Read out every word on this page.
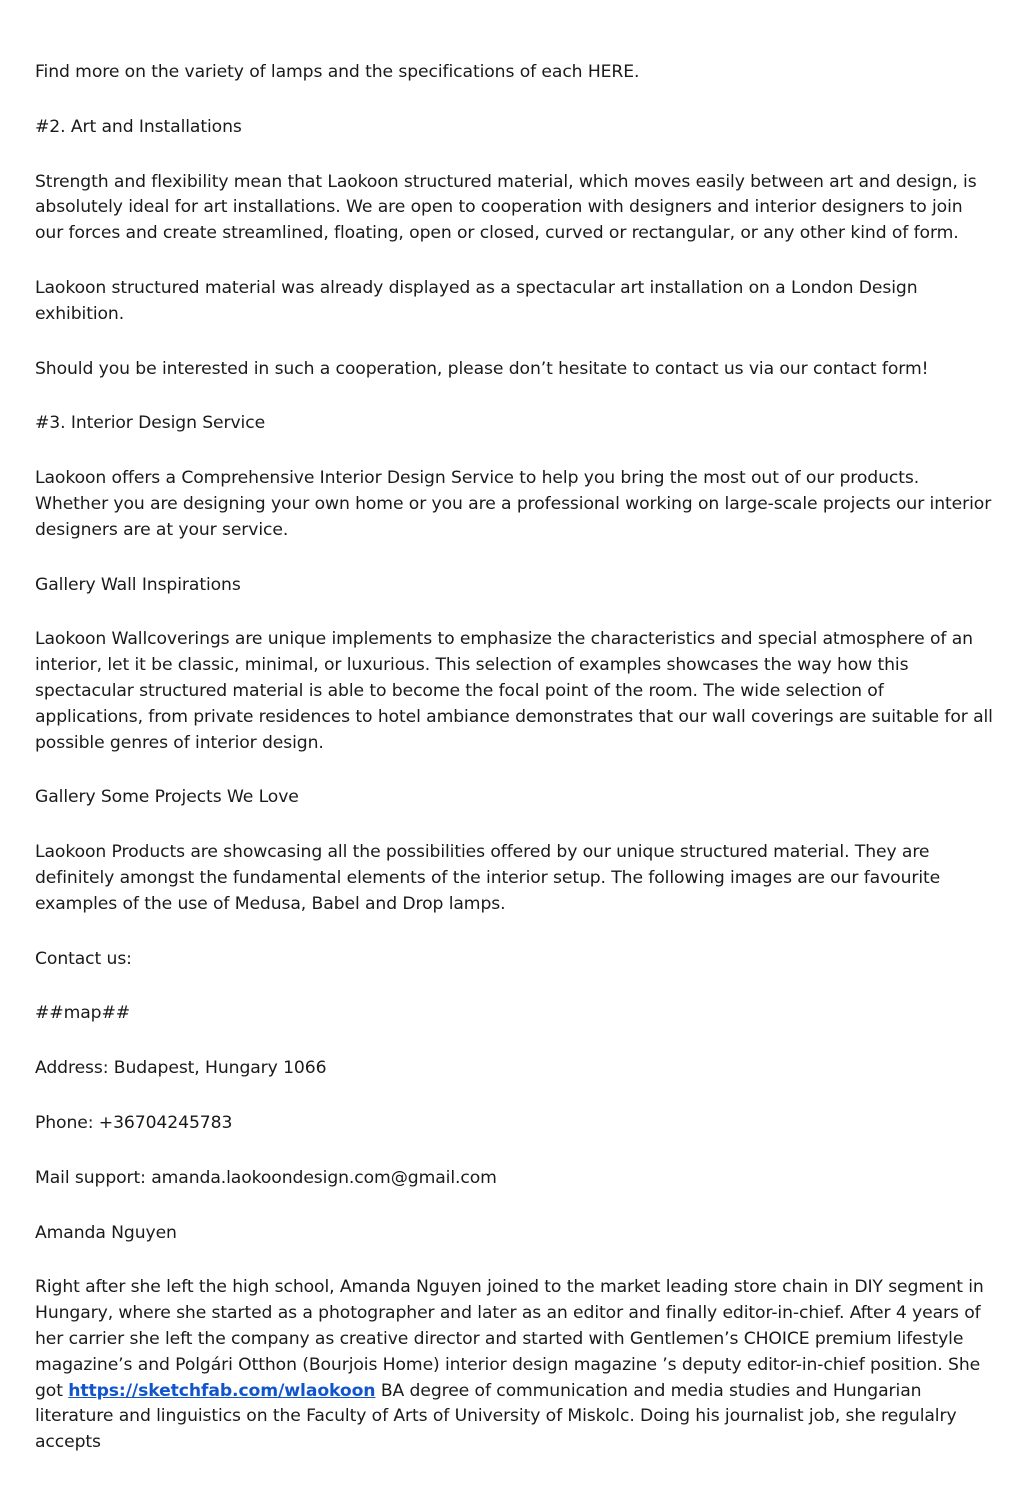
Find more on the variety of lamps and the specifications of each HERE.

#2. Art and Installations

Strength and flexibility mean that Laokoon structured material, which moves easily between art and design, is absolutely ideal for art installations. We are open to cooperation with designers and interior designers to join our forces and create streamlined, floating, open or closed, curved or rectangular, or any other kind of form.

Laokoon structured material was already displayed as a spectacular art installation on a London Design exhibition.

Should you be interested in such a cooperation, please don’t hesitate to contact us via our contact form!

#3. Interior Design Service

Laokoon offers a Comprehensive Interior Design Service to help you bring the most out of our products. Whether you are designing your own home or you are a professional working on large-scale projects our interior designers are at your service.

Gallery Wall Inspirations

Laokoon Wallcoverings are unique implements to emphasize the characteristics and special atmosphere of an interior, let it be classic, minimal, or luxurious. This selection of examples showcases the way how this spectacular structured material is able to become the focal point of the room. The wide selection of applications, from private residences to hotel ambiance demonstrates that our wall coverings are suitable for all possible genres of interior design.

Gallery Some Projects We Love

Laokoon Products are showcasing all the possibilities offered by our unique structured material. They are definitely amongst the fundamental elements of the interior setup. The following images are our favourite examples of the use of Medusa, Babel and Drop lamps.

Contact us:

##map##

Address: Budapest, Hungary 1066

Phone: +36704245783

Mail support: amanda.laokoondesign.com@gmail.com

Amanda Nguyen

Right after she left the high school, Amanda Nguyen joined to the market leading store chain in DIY segment in Hungary, where she started as a photographer and later as an editor and finally editor-in-chief. After 4 years of her carrier she left the company as creative director and started with Gentlemen’s CHOICE premium lifestyle magazine’s and Polgári Otthon (Bourjois Home) interior design magazine ’s deputy editor-in-chief position. She got https://sketchfab.com/wlaokoon BA degree of communication and media studies and Hungarian literature and linguistics on the Faculty of Arts of University of Miskolc. Doing his journalist job, she regulalry accepts
